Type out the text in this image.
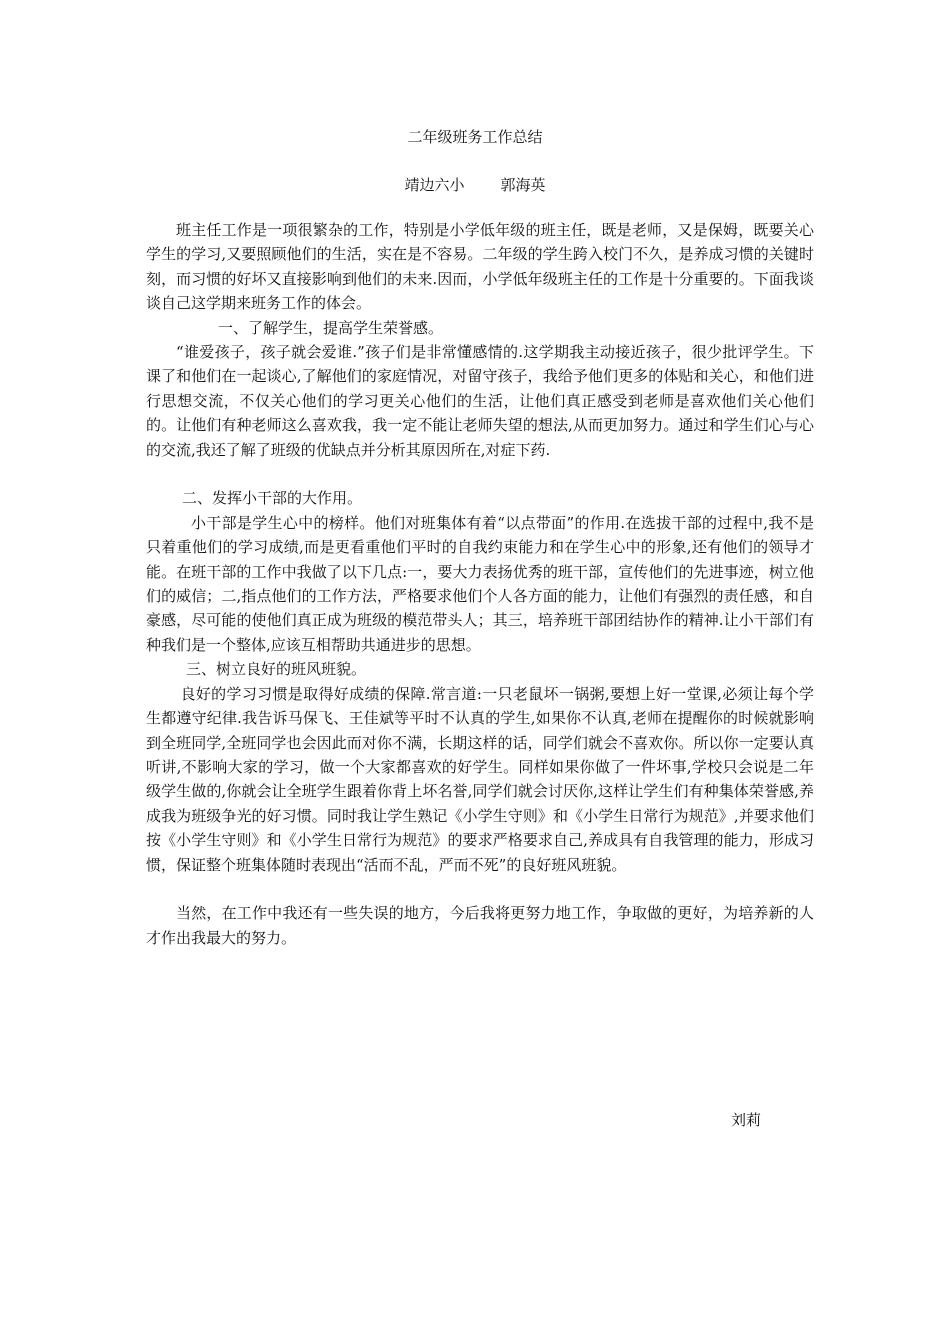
二年级班务工作总结
靖边六小 郭海英

班主任工作是一项很繁杂的工作，特别是小学低年级的班主任，既是老师，又是保姆，既要关心学生的学习,又要照顾他们的生活，实在是不容易。二年级的学生跨入校门不久，是养成习惯的关键时刻，而习惯的好坏又直接影响到他们的未来.因而，小学低年级班主任的工作是十分重要的。下面我谈谈自己这学期来班务工作的体会。

一、了解学生，提高学生荣誉感。

“谁爱孩子，孩子就会爱谁.”孩子们是非常懂感情的.这学期我主动接近孩子，很少批评学生。下课了和他们在一起谈心,了解他们的家庭情况，对留守孩子，我给予他们更多的体贴和关心，和他们进行思想交流，不仅关心他们的学习更关心他们的生活，让他们真正感受到老师是喜欢他们关心他们的。让他们有种老师这么喜欢我，我一定不能让老师失望的想法,从而更加努力。通过和学生们心与心的交流,我还了解了班级的优缺点并分析其原因所在,对症下药.

二、发挥小干部的大作用。

小干部是学生心中的榜样。他们对班集体有着“以点带面”的作用.在选拔干部的过程中,我不是只着重他们的学习成绩,而是更看重他们平时的自我约束能力和在学生心中的形象,还有他们的领导才能。在班干部的工作中我做了以下几点:一，要大力表扬优秀的班干部，宣传他们的先进事迹，树立他们的威信；二,指点他们的工作方法，严格要求他们个人各方面的能力，让他们有强烈的责任感，和自豪感，尽可能的使他们真正成为班级的模范带头人；其三，培养班干部团结协作的精神.让小干部们有种我们是一个整体,应该互相帮助共通进步的思想。

三、树立良好的班风班貌。

良好的学习习惯是取得好成绩的保障.常言道:一只老鼠坏一锅粥,要想上好一堂课,必须让每个学生都遵守纪律.我告诉马保飞、王佳斌等平时不认真的学生,如果你不认真,老师在提醒你的时候就影响到全班同学,全班同学也会因此而对你不满，长期这样的话，同学们就会不喜欢你。所以你一定要认真听讲,不影响大家的学习，做一个大家都喜欢的好学生。同样如果你做了一件坏事,学校只会说是二年级学生做的,你就会让全班学生跟着你背上坏名誉,同学们就会讨厌你,这样让学生们有种集体荣誉感,养成我为班级争光的好习惯。同时我让学生熟记《小学生守则》和《小学生日常行为规范》,并要求他们按《小学生守则》和《小学生日常行为规范》的要求严格要求自己,养成具有自我管理的能力，形成习惯，保证整个班集体随时表现出“活而不乱，严而不死”的良好班风班貌。

当然，在工作中我还有一些失误的地方，今后我将更努力地工作，争取做的更好，为培养新的人才作出我最大的努力。

刘莉
